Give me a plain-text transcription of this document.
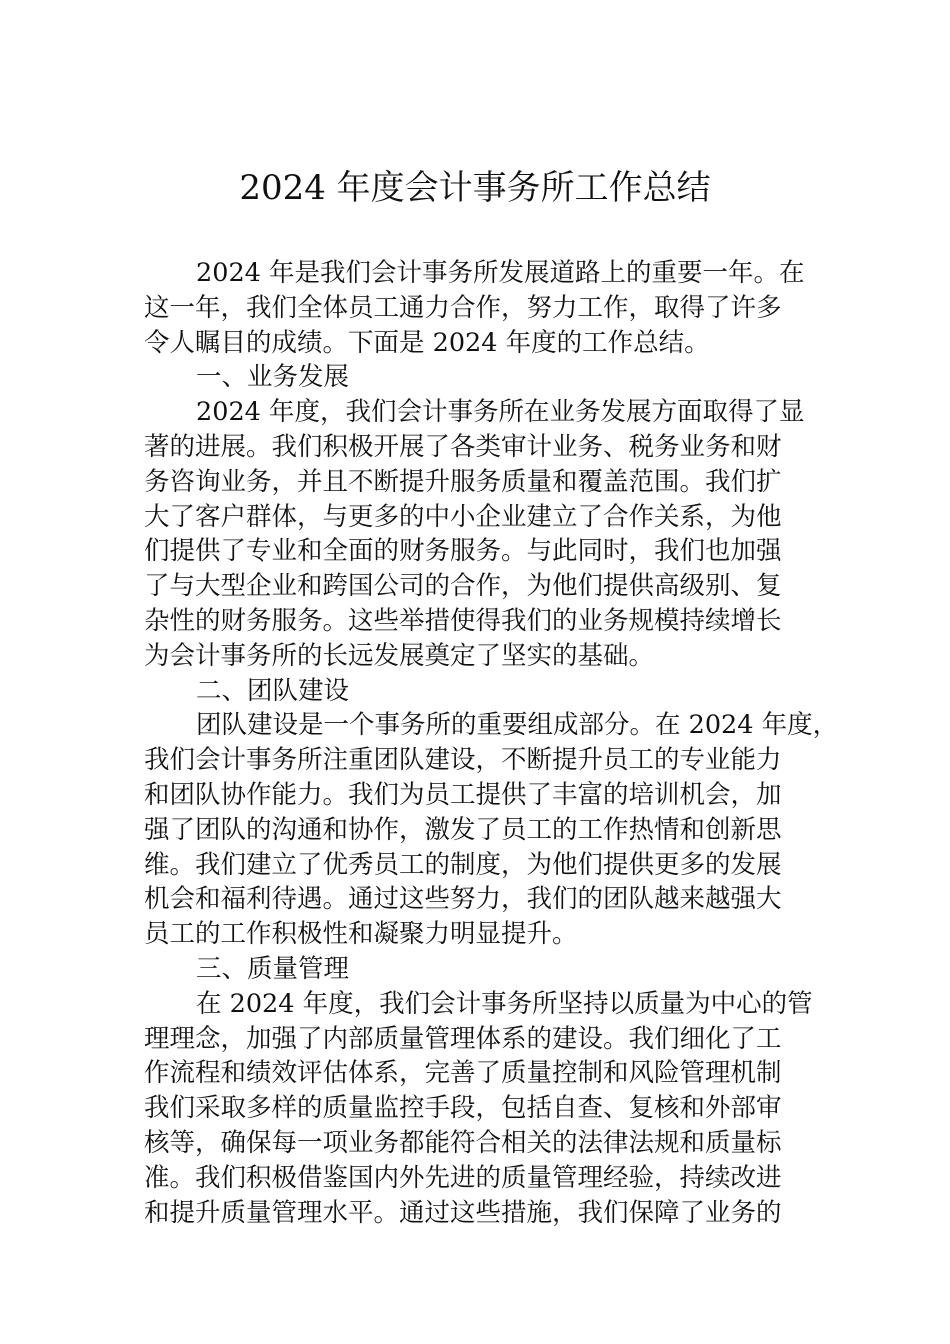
2024 年度会计事务所工作总结
2024 年是我们会计事务所发展道路上的重要一年。在
这一年，我们全体员工通力合作，努力工作，取得了许多
令人瞩目的成绩。下面是 2024 年度的工作总结。
一、业务发展
2024 年度，我们会计事务所在业务发展方面取得了显
著的进展。我们积极开展了各类审计业务、税务业务和财
务咨询业务，并且不断提升服务质量和覆盖范围。我们扩
大了客户群体，与更多的中小企业建立了合作关系，为他
们提供了专业和全面的财务服务。与此同时，我们也加强
了与大型企业和跨国公司的合作，为他们提供高级别、复
杂性的财务服务。这些举措使得我们的业务规模持续增长
为会计事务所的长远发展奠定了坚实的基础。
二、团队建设
团队建设是一个事务所的重要组成部分。在 2024 年度，
我们会计事务所注重团队建设，不断提升员工的专业能力
和团队协作能力。我们为员工提供了丰富的培训机会，加
强了团队的沟通和协作，激发了员工的工作热情和创新思
维。我们建立了优秀员工的制度，为他们提供更多的发展
机会和福利待遇。通过这些努力，我们的团队越来越强大
员工的工作积极性和凝聚力明显提升。
三、质量管理
在 2024 年度，我们会计事务所坚持以质量为中心的管
理理念，加强了内部质量管理体系的建设。我们细化了工
作流程和绩效评估体系，完善了质量控制和风险管理机制
我们采取多样的质量监控手段，包括自查、复核和外部审
核等，确保每一项业务都能符合相关的法律法规和质量标
准。我们积极借鉴国内外先进的质量管理经验，持续改进
和提升质量管理水平。通过这些措施，我们保障了业务的
